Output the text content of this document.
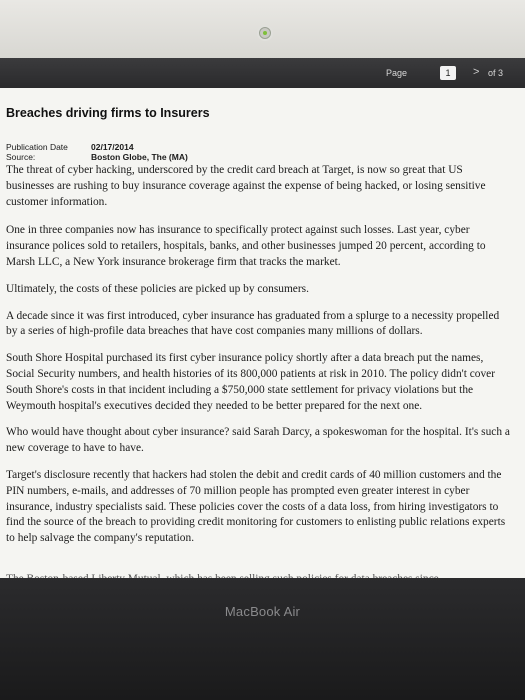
Page	1	> of 3
Breaches driving firms to Insurers
Publication Date	02/17/2014
Source:	Boston Globe, The (MA)

The threat of cyber hacking, underscored by the credit card breach at Target, is now so great that US businesses are rushing to buy insurance coverage against the expense of being hacked, or losing sensitive customer information.

One in three companies now has insurance to specifically protect against such losses. Last year, cyber insurance polices sold to retailers, hospitals, banks, and other businesses jumped 20 percent, according to Marsh LLC, a New York insurance brokerage firm that tracks the market.

Ultimately, the costs of these policies are picked up by consumers.

A decade since it was first introduced, cyber insurance has graduated from a splurge to a necessity propelled by a series of high-profile data breaches that have cost companies many millions of dollars.

South Shore Hospital purchased its first cyber insurance policy shortly after a data breach put the names, Social Security numbers, and health histories of its 800,000 patients at risk in 2010. The policy didn't cover South Shore's costs in that incident including a $750,000 state settlement for privacy violations but the Weymouth hospital's executives decided they needed to be better prepared for the next one.

Who would have thought about cyber insurance? said Sarah Darcy, a spokeswoman for the hospital. It's such a new coverage to have to have.

Target's disclosure recently that hackers had stolen the debit and credit cards of 40 million customers and the PIN numbers, e-mails, and addresses of 70 million people has prompted even greater interest in cyber insurance, industry specialists said. These policies cover the costs of a data loss, from hiring investigators to find the source of the breach to providing credit monitoring for customers to enlisting public relations experts to help salvage the company's reputation.

MacBook Air
